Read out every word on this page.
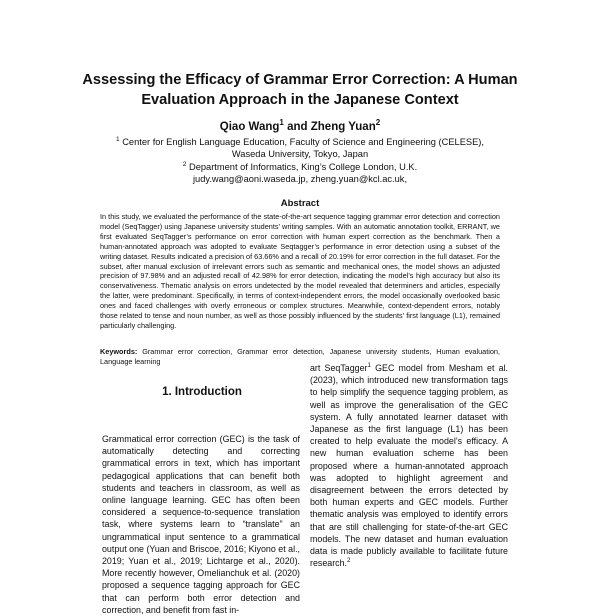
Assessing the Efficacy of Grammar Error Correction: A Human Evaluation Approach in the Japanese Context
Qiao Wang$^1$ and Zheng Yuan$^2$
$^1$ Center for English Language Education, Faculty of Science and Engineering (CELESE),
Waseda University, Tokyo, Japan
$^2$ Department of Informatics, King’s College London, U.K.
judy.wang@aoni.waseda.jp, zheng.yuan@kcl.ac.uk,
Abstract

In this study, we evaluated the performance of the state-of-the-art sequence tagging grammar error detection and correction model (SeqTagger) using Japanese university students’ writing samples. With an automatic annotation toolkit, ERRANT, we first evaluated SeqTagger’s performance on error correction with human expert correction as the benchmark. Then a human-annotated approach was adopted to evaluate Seqtagger’s performance in error detection using a subset of the writing dataset. Results indicated a precision of 63.66% and a recall of 20.19% for error correction in the full dataset. For the subset, after manual exclusion of irrelevant errors such as semantic and mechanical ones, the model shows an adjusted precision of 97.98% and an adjusted recall of 42.98% for error detection, indicating the model’s high accuracy but also its conservativeness. Thematic analysis on errors undetected by the model revealed that determiners and articles, especially the latter, were predominant. Specifically, in terms of context-independent errors, the model occasionally overlooked basic ones and faced challenges with overly erroneous or complex structures. Meanwhile, context-dependent errors, notably those related to tense and noun number, as well as those possibly influenced by the students’ first language (L1), remained particularly challenging.

Keywords: Grammar error correction, Grammar error detection, Japanese university students, Human evaluation, Language learning

1. Introduction

Grammatical error correction (GEC) is the task of automatically detecting and correcting grammatical errors in text, which has important pedagogical applications that can benefit both students and teachers in classroom, as well as online language learning. GEC has often been considered a sequence-to-sequence translation task, where systems learn to “translate” an ungrammatical input sentence to a grammatical output one (Yuan and Briscoe, 2016; Kiyono et al., 2019; Yuan et al., 2019; Lichtarge et al., 2020). More recently however, Omelianchuk et al. (2020) proposed a sequence tagging approach for GEC that can perform both error detection and correction, and benefit from fast in-

art SeqTagger$^1$ GEC model from Mesham et al. (2023), which introduced new transformation tags to help simplify the sequence tagging problem, as well as improve the generalisation of the GEC system. A fully annotated learner dataset with Japanese as the first language (L1) has been created to help evaluate the model’s efficacy. A new human evaluation scheme has been proposed where a human-annotated approach was adopted to highlight agreement and disagreement between the errors detected by both human experts and GEC models. Further thematic analysis was employed to identify errors that are still challenging for state-of-the-art GEC models. The new dataset and human evaluation data is made publicly available to facilitate future research.$^2$
